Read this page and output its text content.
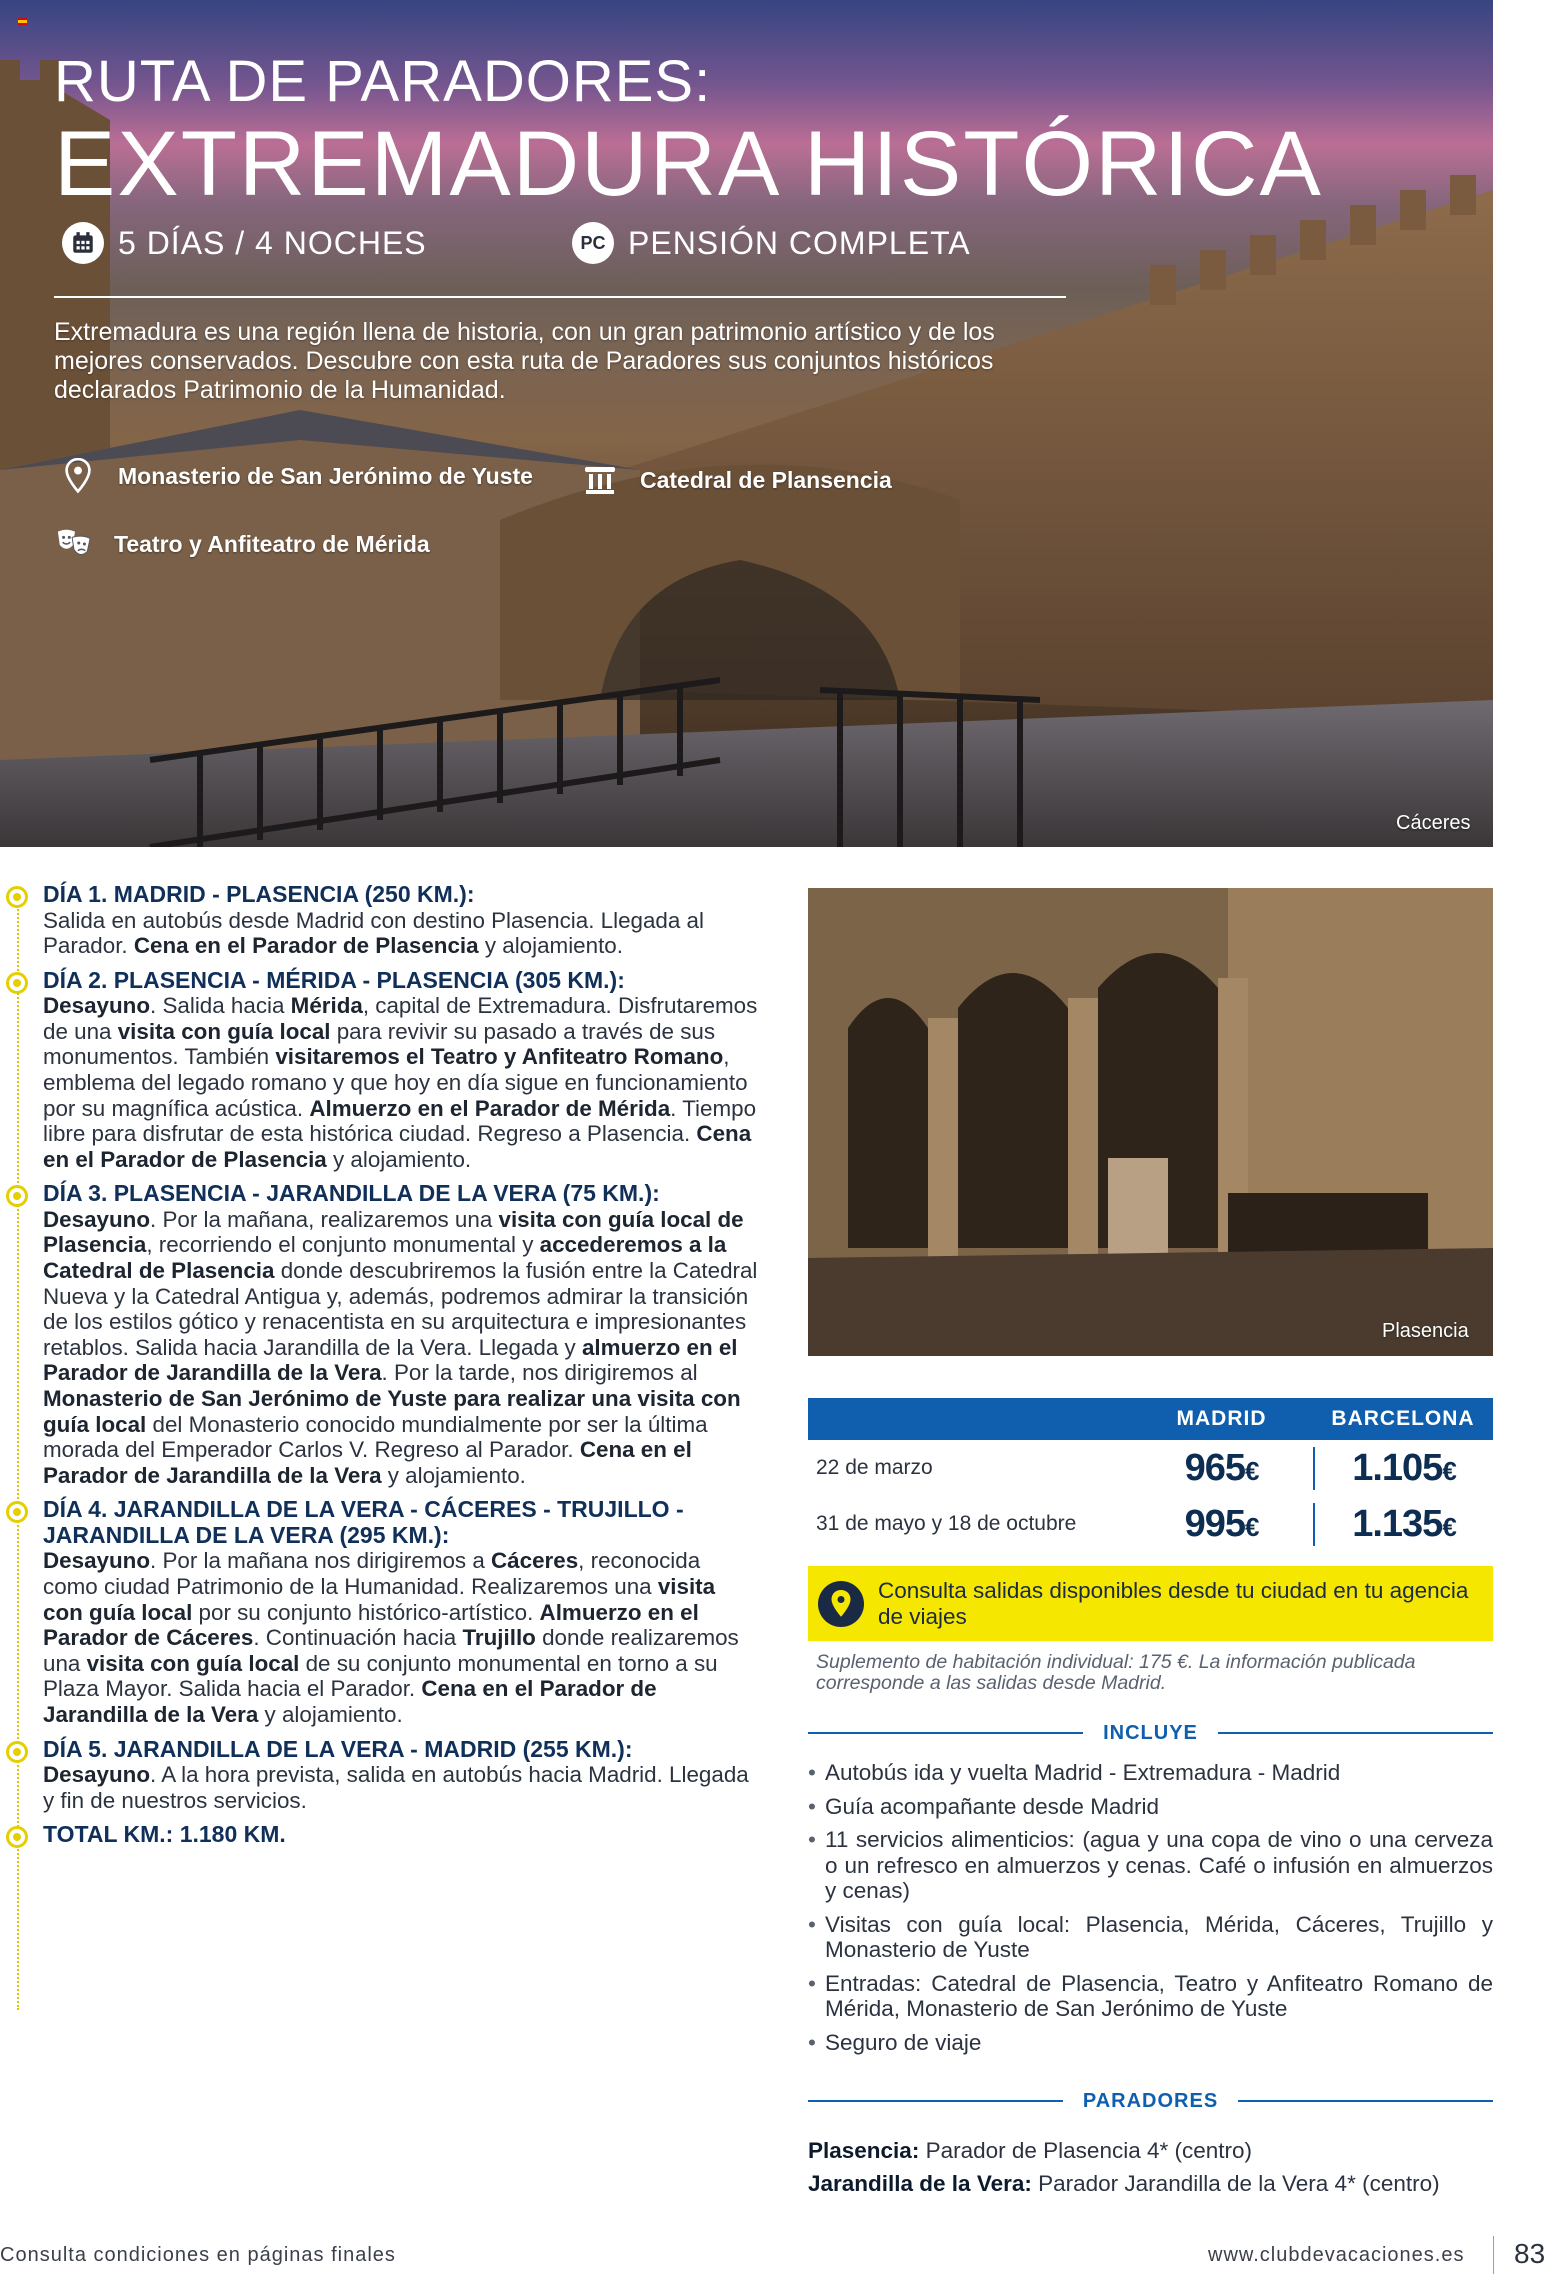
RUTA DE PARADORES:
EXTREMADURA HISTÓRICA
5 DÍAS / 4 NOCHES	PC PENSIÓN COMPLETA
Extremadura es una región llena de historia, con un gran patrimonio artístico y de los mejores conservados. Descubre con esta ruta de Paradores sus conjuntos históricos declarados Patrimonio de la Humanidad.
Monasterio de San Jerónimo de Yuste	Catedral de Plansencia
Teatro y Anfiteatro de Mérida
Cáceres
DÍA 1. MADRID - PLASENCIA (250 KM.):

Salida en autobús desde Madrid con destino Plasencia. Llegada al Parador. Cena en el Parador de Plasencia y alojamiento.

DÍA 2. PLASENCIA - MÉRIDA - PLASENCIA (305 KM.):

Desayuno. Salida hacia Mérida, capital de Extremadura. Disfrutaremos de una visita con guía local para revivir su pasado a través de sus monumentos. También visitaremos el Teatro y Anfiteatro Romano, emblema del legado romano y que hoy en día sigue en funcionamiento por su magnífica acústica. Almuerzo en el Parador de Mérida. Tiempo libre para disfrutar de esta histórica ciudad. Regreso a Plasencia. Cena en el Parador de Plasencia y alojamiento.

DÍA 3. PLASENCIA - JARANDILLA DE LA VERA (75 KM.):

Desayuno. Por la mañana, realizaremos una visita con guía local de Plasencia, recorriendo el conjunto monumental y accederemos a la Catedral de Plasencia donde descubriremos la fusión entre la Catedral Nueva y la Catedral Antigua y, además, podremos admirar la transición de los estilos gótico y renacentista en su arquitectura e impresionantes retablos. Salida hacia Jarandilla de la Vera. Llegada y almuerzo en el Parador de Jarandilla de la Vera. Por la tarde, nos dirigiremos al Monasterio de San Jerónimo de Yuste para realizar una visita con guía local del Monasterio conocido mundialmente por ser la última morada del Emperador Carlos V. Regreso al Parador. Cena en el Parador de Jarandilla de la Vera y alojamiento.

DÍA 4. JARANDILLA DE LA VERA - CÁCERES - TRUJILLO - JARANDILLA DE LA VERA (295 KM.):

Desayuno. Por la mañana nos dirigiremos a Cáceres, reconocida como ciudad Patrimonio de la Humanidad. Realizaremos una visita con guía local por su conjunto histórico-artístico. Almuerzo en el Parador de Cáceres. Continuación hacia Trujillo donde realizaremos una visita con guía local de su conjunto monumental en torno a su Plaza Mayor. Salida hacia el Parador. Cena en el Parador de Jarandilla de la Vera y alojamiento.

DÍA 5. JARANDILLA DE LA VERA - MADRID (255 KM.):

Desayuno. A la hora prevista, salida en autobús hacia Madrid. Llegada y fin de nuestros servicios.

TOTAL KM.: 1.180 KM.
Plasencia
MADRID	BARCELONA
22 de marzo	965€	1.105€
31 de mayo y 18 de octubre	995€	1.135€
Consulta salidas disponibles desde tu ciudad en tu agencia de viajes
Suplemento de habitación individual: 175 €. La información publicada corresponde a las salidas desde Madrid.
INCLUYE
• Autobús ida y vuelta Madrid - Extremadura - Madrid
• Guía acompañante desde Madrid
• 11 servicios alimenticios: (agua y una copa de vino o una cerveza o un refresco en almuerzos y cenas. Café o infusión en almuerzos y cenas)
• Visitas con guía local: Plasencia, Mérida, Cáceres, Trujillo y Monasterio de Yuste
• Entradas: Catedral de Plasencia, Teatro y Anfiteatro Romano de Mérida, Monasterio de San Jerónimo de Yuste
• Seguro de viaje
PARADORES
Plasencia: Parador de Plasencia 4* (centro)
Jarandilla de la Vera: Parador Jarandilla de la Vera 4* (centro)
Consulta condiciones en páginas finales	www.clubdevacaciones.es 83
